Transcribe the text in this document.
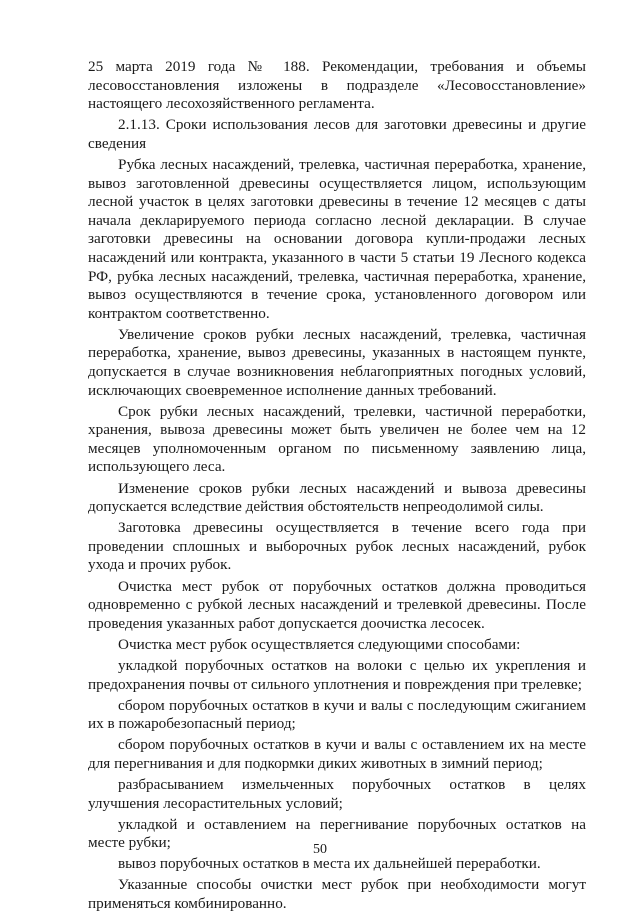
25 марта 2019 года № 188. Рекомендации, требования и объемы лесовосстановления изложены в подразделе «Лесовосстановление» настоящего лесохозяйственного регламента.

2.1.13. Сроки использования лесов для заготовки древесины и другие сведения

Рубка лесных насаждений, трелевка, частичная переработка, хранение, вывоз заготовленной древесины осуществляется лицом, использующим лесной участок в целях заготовки древесины в течение 12 месяцев с даты начала декларируемого периода согласно лесной декларации. В случае заготовки древесины на основании договора купли-продажи лесных насаждений или контракта, указанного в части 5 статьи 19 Лесного кодекса РФ, рубка лесных насаждений, трелевка, частичная переработка, хранение, вывоз осуществляются в течение срока, установленного договором или контрактом соответственно.

Увеличение сроков рубки лесных насаждений, трелевка, частичная переработка, хранение, вывоз древесины, указанных в настоящем пункте, допускается в случае возникновения неблагоприятных погодных условий, исключающих своевременное исполнение данных требований.

Срок рубки лесных насаждений, трелевки, частичной переработки, хранения, вывоза древесины может быть увеличен не более чем на 12 месяцев уполномоченным органом по письменному заявлению лица, использующего леса.

Изменение сроков рубки лесных насаждений и вывоза древесины допускается вследствие действия обстоятельств непреодолимой силы.

Заготовка древесины осуществляется в течение всего года при проведении сплошных и выборочных рубок лесных насаждений, рубок ухода и прочих рубок.

Очистка мест рубок от порубочных остатков должна проводиться одновременно с рубкой лесных насаждений и трелевкой древесины. После проведения указанных работ допускается доочистка лесосек.

Очистка мест рубок осуществляется следующими способами:

укладкой порубочных остатков на волоки с целью их укрепления и предохранения почвы от сильного уплотнения и повреждения при трелевке;

сбором порубочных остатков в кучи и валы с последующим сжиганием их в пожаробезопасный период;

сбором порубочных остатков в кучи и валы с оставлением их на месте для перегнивания и для подкормки диких животных в зимний период;

разбрасыванием измельченных порубочных остатков в целях улучшения лесорастительных условий;

укладкой и оставлением на перегнивание порубочных остатков на месте рубки;

вывоз порубочных остатков в места их дальнейшей переработки.

Указанные способы очистки мест рубок при необходимости могут применяться комбинированно.

50
